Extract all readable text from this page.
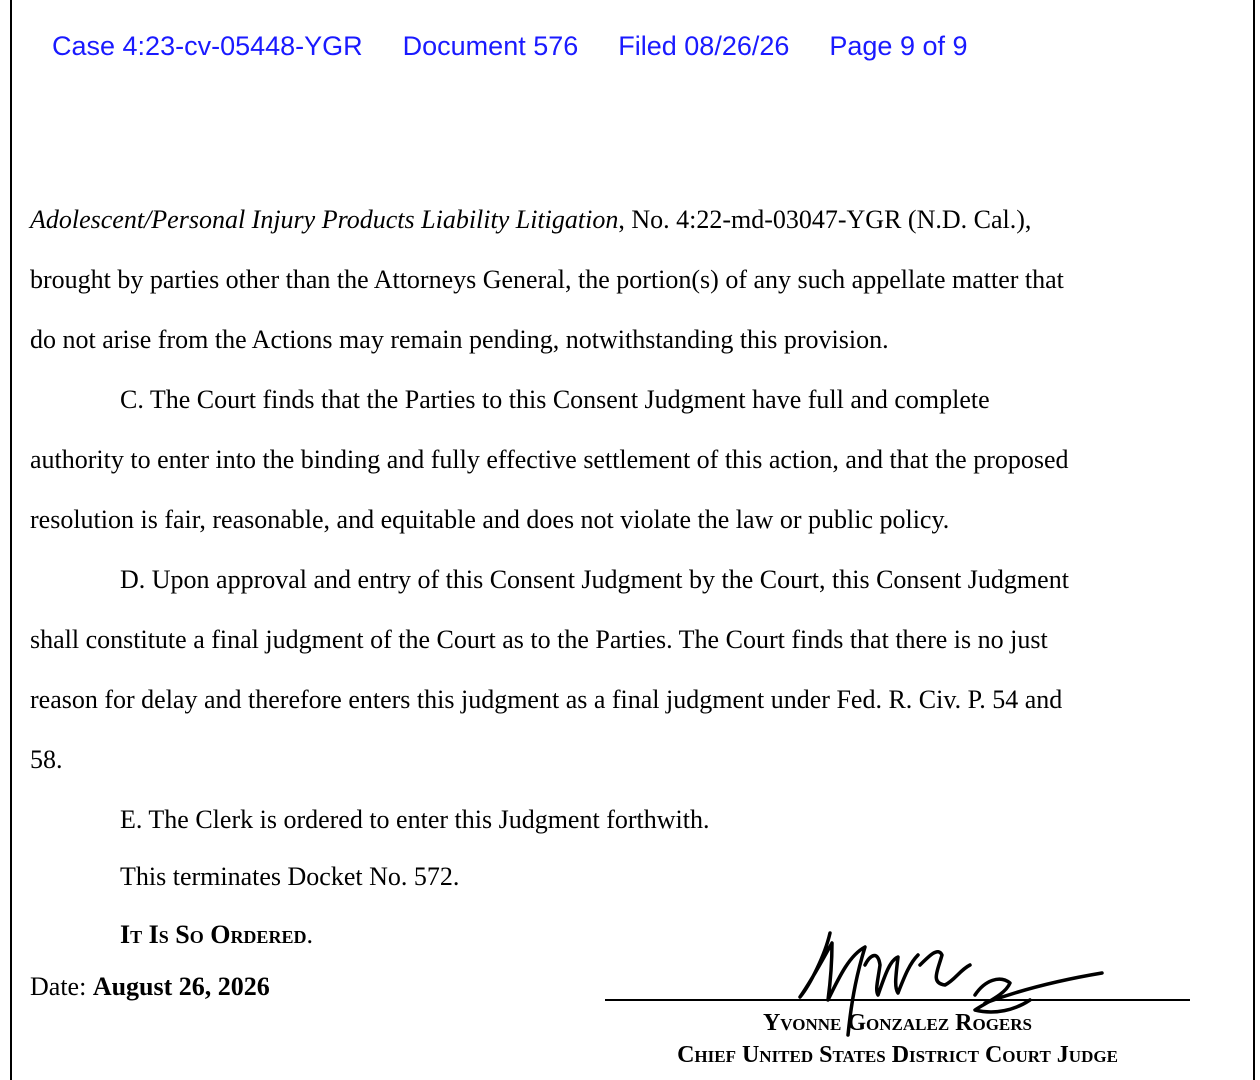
Case 4:23-cv-05448-YGR Document 576 Filed 08/26/26 Page 9 of 9
Adolescent/Personal Injury Products Liability Litigation, No. 4:22-md-03047-YGR (N.D. Cal.),
brought by parties other than the Attorneys General, the portion(s) of any such appellate matter that
do not arise from the Actions may remain pending, notwithstanding this provision.
C. The Court finds that the Parties to this Consent Judgment have full and complete
authority to enter into the binding and fully effective settlement of this action, and that the proposed
resolution is fair, reasonable, and equitable and does not violate the law or public policy.
D. Upon approval and entry of this Consent Judgment by the Court, this Consent Judgment
shall constitute a final judgment of the Court as to the Parties. The Court finds that there is no just
reason for delay and therefore enters this judgment as a final judgment under Fed. R. Civ. P. 54 and
58.
E. The Clerk is ordered to enter this Judgment forthwith.
This terminates Docket No. 572.
It Is So Ordered.
Date: August 26, 2026
Yvonne Gonzalez Rogers
Chief United States District Court Judge
